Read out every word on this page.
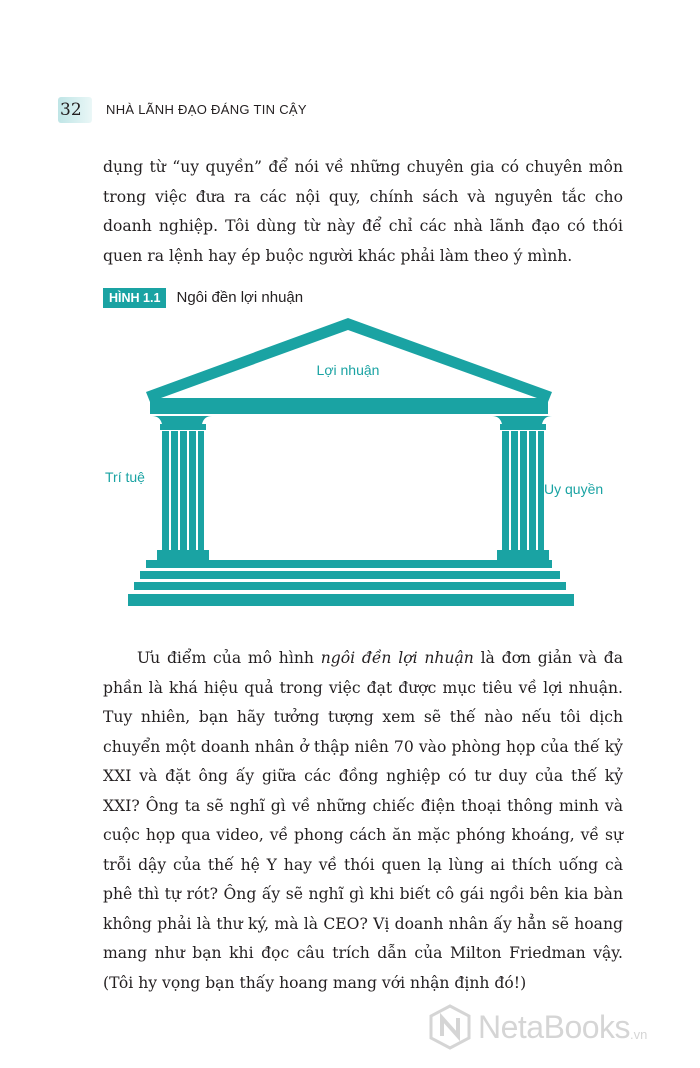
32	NHÀ LÃNH ĐẠO ĐÁNG TIN CẬY

dụng từ “uy quyền” để nói về những chuyên gia có chuyên môn trong việc đưa ra các nội quy, chính sách và nguyên tắc cho doanh nghiệp. Tôi dùng từ này để chỉ các nhà lãnh đạo có thói quen ra lệnh hay ép buộc người khác phải làm theo ý mình.

HÌNH 1.1 Ngôi đền lợi nhuận
Lợi nhuận
Trí tuệ
Uy quyền

Ưu điểm của mô hình ngôi đền lợi nhuận là đơn giản và đa phần là khá hiệu quả trong việc đạt được mục tiêu về lợi nhuận. Tuy nhiên, bạn hãy tưởng tượng xem sẽ thế nào nếu tôi dịch chuyển một doanh nhân ở thập niên 70 vào phòng họp của thế kỷ XXI và đặt ông ấy giữa các đồng nghiệp có tư duy của thế kỷ XXI? Ông ta sẽ nghĩ gì về những chiếc điện thoại thông minh và cuộc họp qua video, về phong cách ăn mặc phóng khoáng, về sự trỗi dậy của thế hệ Y hay về thói quen lạ lùng ai thích uống cà phê thì tự rót? Ông ấy sẽ nghĩ gì khi biết cô gái ngồi bên kia bàn không phải là thư ký, mà là CEO? Vị doanh nhân ấy hẳn sẽ hoang mang như bạn khi đọc câu trích dẫn của Milton Friedman vậy. (Tôi hy vọng bạn thấy hoang mang với nhận định đó!)

NetaBooks .vn
